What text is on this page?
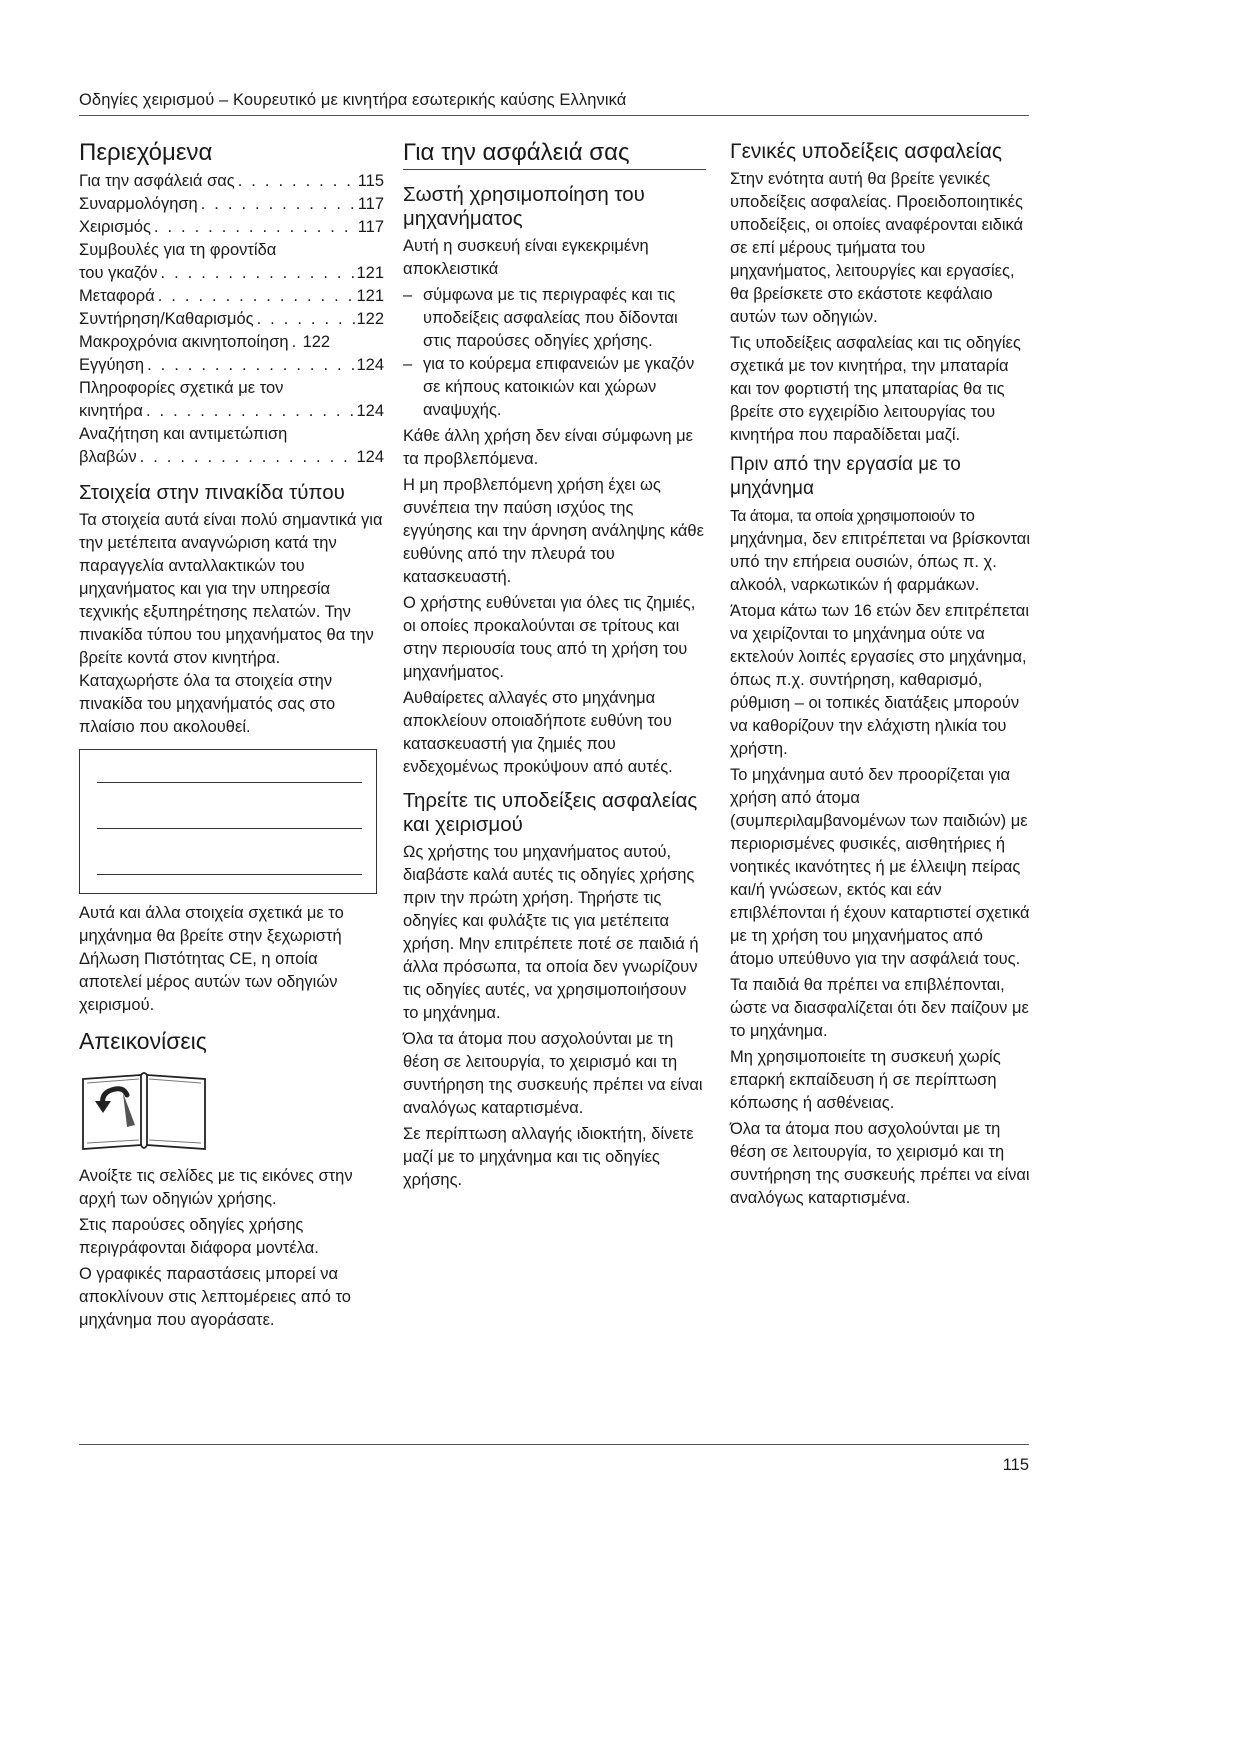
Οδηγίες χειρισμού – Κουρευτικό με κινητήρα εσωτερικής καύσης Ελληνικά
Περιεχόμενα
Για την ασφάλειά σας . . .	115
Συναρμολόγηση . . .	117
Χειρισμός . . .	117
Συμβουλές για τη φροντίδα
του γκαζόν . . .	121
Μεταφορά . . .	121
Συντήρηση/Καθαρισμός . . .	122
Μακροχρόνια ακινητοποίηση . . . 122
Εγγύηση . . .	124
Πληροφορίες σχετικά με τον
κινητήρα . . .	124
Αναζήτηση και αντιμετώπιση
βλαβών . . .	124
Στοιχεία στην πινακίδα τύπου

Τα στοιχεία αυτά είναι πολύ σημαντικά για την μετέπειτα αναγνώριση κατά την παραγγελία ανταλλακτικών του μηχανήματος και για την υπηρεσία τεχνικής εξυπηρέτησης πελατών. Την πινακίδα τύπου του μηχανήματος θα την βρείτε κοντά στον κινητήρα. Καταχωρήστε όλα τα στοιχεία στην πινακίδα του μηχανήματός σας στο πλαίσιο που ακολουθεί.

Αυτά και άλλα στοιχεία σχετικά με το μηχάνημα θα βρείτε στην ξεχωριστή Δήλωση Πιστότητας CE, η οποία αποτελεί μέρος αυτών των οδηγιών χειρισμού.

Απεικονίσεις

Ανοίξτε τις σελίδες με τις εικόνες στην αρχή των οδηγιών χρήσης.

Στις παρούσες οδηγίες χρήσης περιγράφονται διάφορα μοντέλα.

Ο γραφικές παραστάσεις μπορεί να αποκλίνουν στις λεπτομέρειες από το μηχάνημα που αγοράσατε.

Για την ασφάλειά σας
Σωστή χρησιμοποίηση του μηχανήματος

Αυτή η συσκευή είναι εγκεκριμένη αποκλειστικά

– σύμφωνα με τις περιγραφές και τις υποδείξεις ασφαλείας που δίδονται στις παρούσες οδηγίες χρήσης.
– για το κούρεμα επιφανειών με γκαζόν σε κήπους κατοικιών και χώρων αναψυχής.

Κάθε άλλη χρήση δεν είναι σύμφωνη με τα προβλεπόμενα.

Η μη προβλεπόμενη χρήση έχει ως συνέπεια την παύση ισχύος της εγγύησης και την άρνηση ανάληψης κάθε ευθύνης από την πλευρά του κατασκευαστή.

Ο χρήστης ευθύνεται για όλες τις ζημιές, οι οποίες προκαλούνται σε τρίτους και στην περιουσία τους από τη χρήση του μηχανήματος.

Αυθαίρετες αλλαγές στο μηχάνημα αποκλείουν οποιαδήποτε ευθύνη του κατασκευαστή για ζημιές που ενδεχομένως προκύψουν από αυτές.

Τηρείτε τις υποδείξεις ασφαλείας και χειρισμού

Ως χρήστης του μηχανήματος αυτού, διαβάστε καλά αυτές τις οδηγίες χρήσης πριν την πρώτη χρήση. Τηρήστε τις οδηγίες και φυλάξτε τις για μετέπειτα χρήση. Μην επιτρέπετε ποτέ σε παιδιά ή άλλα πρόσωπα, τα οποία δεν γνωρίζουν τις οδηγίες αυτές, να χρησιμοποιήσουν το μηχάνημα.

Όλα τα άτομα που ασχολούνται με τη θέση σε λειτουργία, το χειρισμό και τη συντήρηση της συσκευής πρέπει να είναι αναλόγως καταρτισμένα.

Σε περίπτωση αλλαγής ιδιοκτήτη, δίνετε μαζί με το μηχάνημα και τις οδηγίες χρήσης.

Γενικές υποδείξεις ασφαλείας

Στην ενότητα αυτή θα βρείτε γενικές υποδείξεις ασφαλείας. Προειδοποιητικές υποδείξεις, οι οποίες αναφέρονται ειδικά σε επί μέρους τμήματα του μηχανήματος, λειτουργίες και εργασίες, θα βρείσκετε στο εκάστοτε κεφάλαιο αυτών των οδηγιών.

Τις υποδείξεις ασφαλείας και τις οδηγίες σχετικά με τον κινητήρα, την μπαταρία και τον φορτιστή της μπαταρίας θα τις βρείτε στο εγχειρίδιο λειτουργίας του κινητήρα που παραδίδεται μαζί.

Πριν από την εργασία με το μηχάνημα

Τα άτομα, τα οποία χρησιμοποιούν το μηχάνημα, δεν επιτρέπεται να βρίσκονται υπό την επήρεια ουσιών, όπως π. χ. αλκοόλ, ναρκωτικών ή φαρμάκων.

Άτομα κάτω των 16 ετών δεν επιτρέπεται να χειρίζονται το μηχάνημα ούτε να εκτελούν λοιπές εργασίες στο μηχάνημα, όπως π.χ. συντήρηση, καθαρισμό, ρύθμιση – οι τοπικές διατάξεις μπορούν να καθορίζουν την ελάχιστη ηλικία του χρήστη.

Το μηχάνημα αυτό δεν προορίζεται για χρήση από άτομα (συμπεριλαμβανομένων των παιδιών) με περιορισμένες φυσικές, αισθητήριες ή νοητικές ικανότητες ή με έλλειψη πείρας και/ή γνώσεων, εκτός και εάν επιβλέπονται ή έχουν καταρτιστεί σχετικά με τη χρήση του μηχανήματος από άτομο υπεύθυνο για την ασφάλειά τους.

Τα παιδιά θα πρέπει να επιβλέπονται, ώστε να διασφαλίζεται ότι δεν παίζουν με το μηχάνημα.

Μη χρησιμοποιείτε τη συσκευή χωρίς επαρκή εκπαίδευση ή σε περίπτωση κόπωσης ή ασθένειας.

Όλα τα άτομα που ασχολούνται με τη θέση σε λειτουργία, το χειρισμό και τη συντήρηση της συσκευής πρέπει να είναι αναλόγως καταρτισμένα.

115
